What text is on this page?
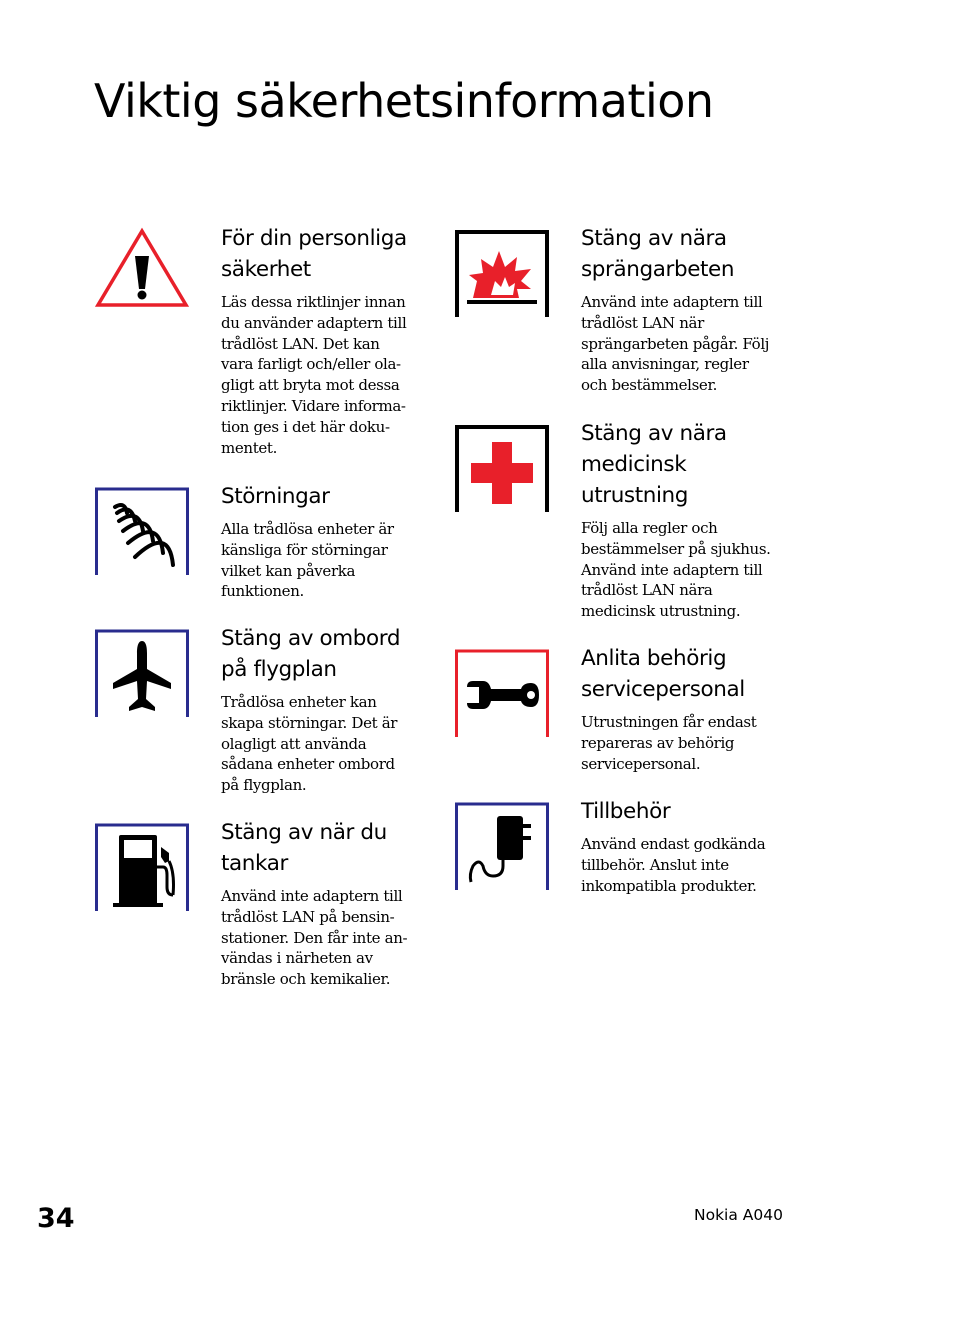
Viktig säkerhetsinformation
För din personliga
säkerhet

Läs dessa riktlinjer innan
du använder adaptern till
trådlöst LAN. Det kan
vara farligt och/eller ola-
gligt att bryta mot dessa
riktlinjer. Vidare informa-
tion ges i det här doku-
mentet.

Störningar

Alla trådlösa enheter är
känsliga för störningar
vilket kan påverka
funktionen.

Stäng av ombord
på flygplan

Trådlösa enheter kan
skapa störningar. Det är
olagligt att använda
sådana enheter ombord
på flygplan.

Stäng av när du
tankar

Använd inte adaptern till
trådlöst LAN på bensin-
stationer. Den får inte an-
vändas i närheten av
bränsle och kemikalier.

Stäng av nära
sprängarbeten

Använd inte adaptern till
trådlöst LAN när
sprängarbeten pågår. Följ
alla anvisningar, regler
och bestämmelser.

Stäng av nära
medicinsk
utrustning

Följ alla regler och
bestämmelser på sjukhus.
Använd inte adaptern till
trådlöst LAN nära
medicinsk utrustning.

Anlita behörig
servicepersonal

Utrustningen får endast
repareras av behörig
servicepersonal.

Tillbehör

Använd endast godkända
tillbehör. Anslut inte
inkompatibla produkter.

34	Nokia A040
